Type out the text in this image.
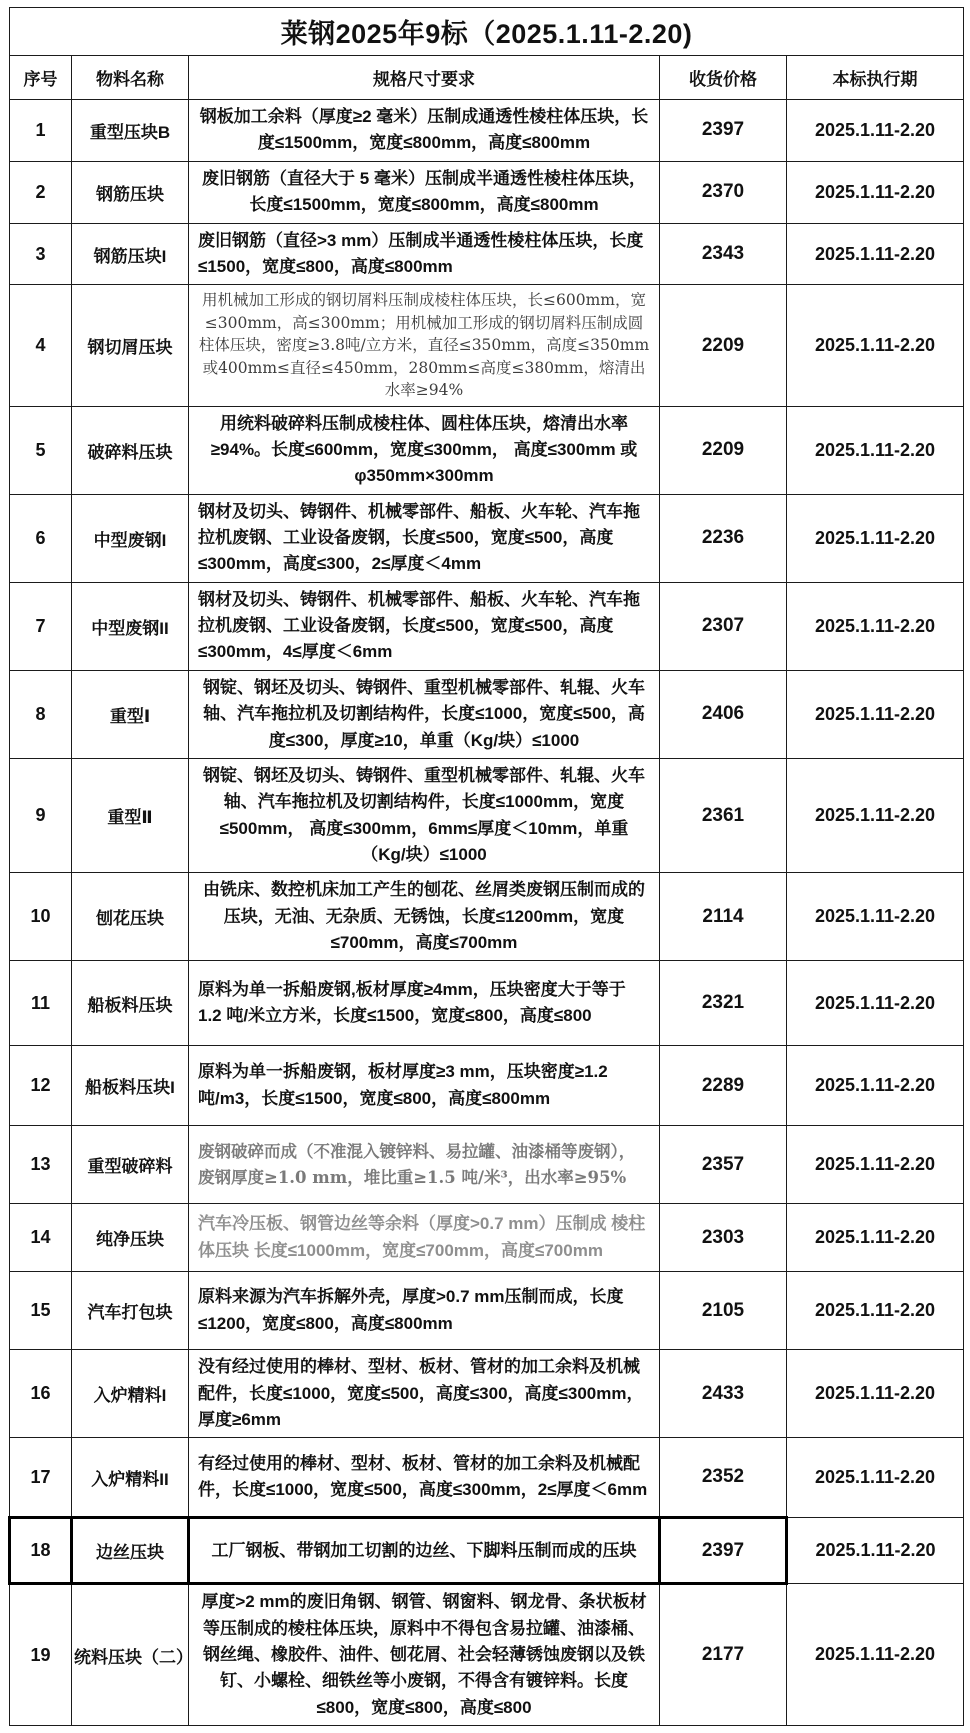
莱钢2025年9标（2025.1.11-2.20)				
序号	物料名称	规格尺寸要求	收货价格	本标执行期
1	重型压块B	钢板加工余料（厚度≥2 毫米）压制成通透性棱柱体压块，长度≤1500mm，宽度≤800mm，高度≤800mm	2397	2025.1.11-2.20
2	钢筋压块	废旧钢筋（直径大于 5 毫米）压制成半通透性棱柱体压块，长度≤1500mm，宽度≤800mm，高度≤800mm	2370	2025.1.11-2.20
3	钢筋压块I	废旧钢筋（直径>3 mm）压制成半通透性棱柱体压块，长度≤1500，宽度≤800，高度≤800mm	2343	2025.1.11-2.20
4	钢切屑压块	用机械加工形成的钢切屑料压制成棱柱体压块，长≤600mm，宽≤300mm，高≤300mm；用机械加工形成的钢切屑料压制成圆柱体压块，密度≥3.8吨/立方米，直径≤350mm，高度≤350mm或400mm≤直径≤450mm，280mm≤高度≤380mm，熔清出水率≥94%	2209	2025.1.11-2.20
5	破碎料压块	用统料破碎料压制成棱柱体、圆柱体压块，熔清出水率≥94%。长度≤600mm，宽度≤300mm， 高度≤300mm 或φ350mm×300mm	2209	2025.1.11-2.20
6	中型废钢I	钢材及切头、铸钢件、机械零部件、船板、火车轮、汽车拖拉机废钢、工业设备废钢，长度≤500，宽度≤500，高度≤300mm，高度≤300，2≤厚度＜4mm	2236	2025.1.11-2.20
7	中型废钢II	钢材及切头、铸钢件、机械零部件、船板、火车轮、汽车拖拉机废钢、工业设备废钢，长度≤500，宽度≤500，高度≤300mm，4≤厚度＜6mm	2307	2025.1.11-2.20
8	重型Ⅰ	钢锭、钢坯及切头、铸钢件、重型机械零部件、轧辊、火车轴、汽车拖拉机及切割结构件，长度≤1000，宽度≤500，高度≤300，厚度≥10，单重（Kg/块）≤1000	2406	2025.1.11-2.20
9	重型Ⅱ	钢锭、钢坯及切头、铸钢件、重型机械零部件、轧辊、火车轴、汽车拖拉机及切割结构件，长度≤1000mm，宽度≤500mm， 高度≤300mm，6mm≤厚度＜10mm，单重（Kg/块）≤1000	2361	2025.1.11-2.20
10	刨花压块	由铣床、数控机床加工产生的刨花、丝屑类废钢压制而成的压块，无油、无杂质、无锈蚀，长度≤1200mm，宽度≤700mm，高度≤700mm	2114	2025.1.11-2.20
11	船板料压块	原料为单一拆船废钢,板材厚度≥4mm，压块密度大于等于 1.2 吨/米立方米，长度≤1500，宽度≤800，高度≤800	2321	2025.1.11-2.20
12	船板料压块I	原料为单一拆船废钢，板材厚度≥3 mm，压块密度≥1.2吨/m3，长度≤1500，宽度≤800，高度≤800mm	2289	2025.1.11-2.20
13	重型破碎料	废钢破碎而成（不准混入镀锌料、易拉罐、油漆桶等废钢），废钢厚度≥1.0 mm，堆比重≥1.5 吨/米³，出水率≥95%	2357	2025.1.11-2.20
14	纯净压块	汽车冷压板、钢管边丝等余料（厚度>0.7 mm）压制成 棱柱体压块 长度≤1000mm，宽度≤700mm，高度≤700mm	2303	2025.1.11-2.20
15	汽车打包块	原料来源为汽车拆解外壳，厚度>0.7 mm压制而成，长度≤1200，宽度≤800，高度≤800mm	2105	2025.1.11-2.20
16	入炉精料I	没有经过使用的棒材、型材、板材、管材的加工余料及机械配件，长度≤1000，宽度≤500，高度≤300，高度≤300mm，厚度≥6mm	2433	2025.1.11-2.20
17	入炉精料II	有经过使用的棒材、型材、板材、管材的加工余料及机械配件，长度≤1000，宽度≤500，高度≤300mm，2≤厚度＜6mm	2352	2025.1.11-2.20
18	边丝压块	工厂钢板、带钢加工切割的边丝、下脚料压制而成的压块	2397	2025.1.11-2.20
19	统料压块（二）	厚度>2 mm的废旧角钢、钢管、钢窗料、钢龙骨、条状板材等压制成的棱柱体压块，原料中不得包含易拉罐、油漆桶、钢丝绳、橡胶件、油件、刨花屑、社会轻薄锈蚀废钢以及铁钉、小螺栓、细铁丝等小废钢，不得含有镀锌料。长度≤800，宽度≤800，高度≤800	2177	2025.1.11-2.20
